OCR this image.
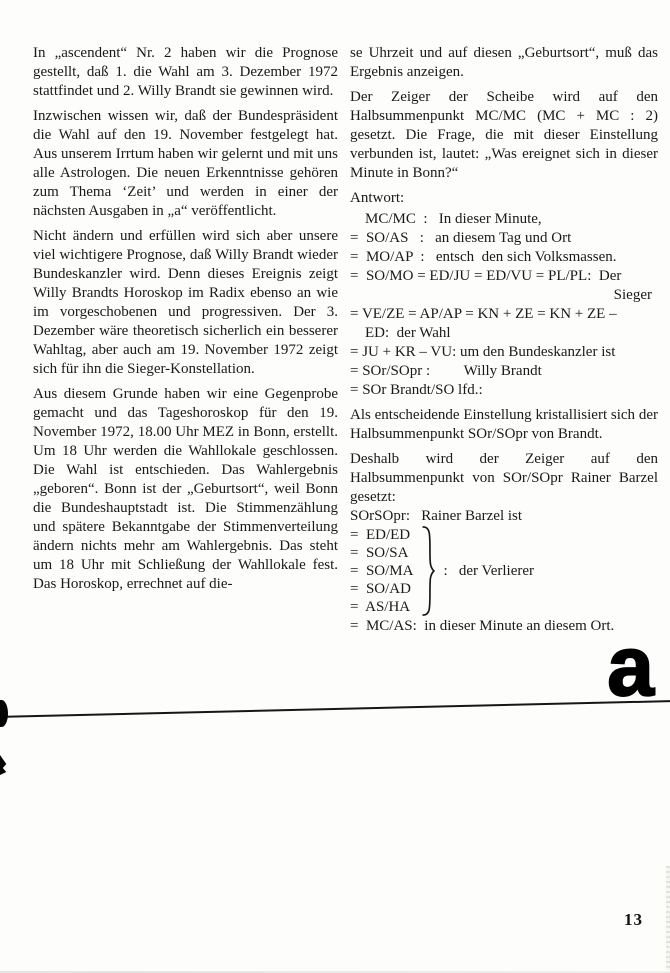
In „ascendent“ Nr. 2 haben wir die Prognose gestellt, daß 1. die Wahl am 3. Dezember 1972 stattfindet und 2. Willy Brandt sie gewinnen wird.

Inzwischen wissen wir, daß der Bundespräsident die Wahl auf den 19. November festgelegt hat. Aus unserem Irrtum haben wir gelernt und mit uns alle Astrologen. Die neuen Erkenntnisse gehören zum Thema ‘Zeit’ und werden in einer der nächsten Ausgaben in „a“ veröffentlicht.

Nicht ändern und erfüllen wird sich aber unsere viel wichtigere Prognose, daß Willy Brandt wieder Bundeskanzler wird. Denn dieses Ereignis zeigt Willy Brandts Horoskop im Radix ebenso an wie im vorgeschobenen und progressiven. Der 3. Dezember wäre theoretisch sicherlich ein besserer Wahltag, aber auch am 19. November 1972 zeigt sich für ihn die Sieger-Konstellation.

Aus diesem Grunde haben wir eine Gegenprobe gemacht und das Tageshoroskop für den 19. November 1972, 18.00 Uhr MEZ in Bonn, erstellt. Um 18 Uhr werden die Wahllokale geschlossen. Die Wahl ist entschieden. Das Wahlergebnis „geboren“. Bonn ist der „Geburtsort“, weil Bonn die Bundeshauptstadt ist. Die Stimmenzählung und spätere Bekanntgabe der Stimmenverteilung ändern nichts mehr am Wahlergebnis. Das steht um 18 Uhr mit Schließung der Wahllokale fest. Das Horoskop, errechnet auf die-

se Uhrzeit und auf diesen „Geburtsort“, muß das Ergebnis anzeigen.

Der Zeiger der Scheibe wird auf den Halbsummenpunkt MC/MC (MC + MC : 2) gesetzt. Die Frage, die mit dieser Einstellung verbunden ist, lautet: „Was ereignet sich in dieser Minute in Bonn?“

Antwort:
MC/MC  :   In dieser Minute,
=  SO/AS   :   an diesem Tag und Ort
=  MO/AP  :   entsch  den sich Volksmassen.
=  SO/MO = ED/JU = ED/VU = PL/PL:  Der
Sieger
= VE/ZE = AP/AP = KN + ZE = KN + ZE –
ED:  der Wahl
= JU + KR – VU: um den Bundeskanzler ist
= SOr/SOpr :         Willy Brandt
= SOr Brandt/SO lfd.:

Als entscheidende Einstellung kristallisiert sich der Halbsummenpunkt SOr/SOpr von Brandt.

Deshalb wird der Zeiger auf den Halbsummenpunkt von SOr/SOpr Rainer Barzel gesetzt:

SOrSOpr:   Rainer Barzel ist
=  ED/ED
=  SO/SA
=  SO/MA
=  SO/AD
=  AS/HA
:   der Verlierer
=  MC/AS:  in dieser Minute an diesem Ort.
a
13
